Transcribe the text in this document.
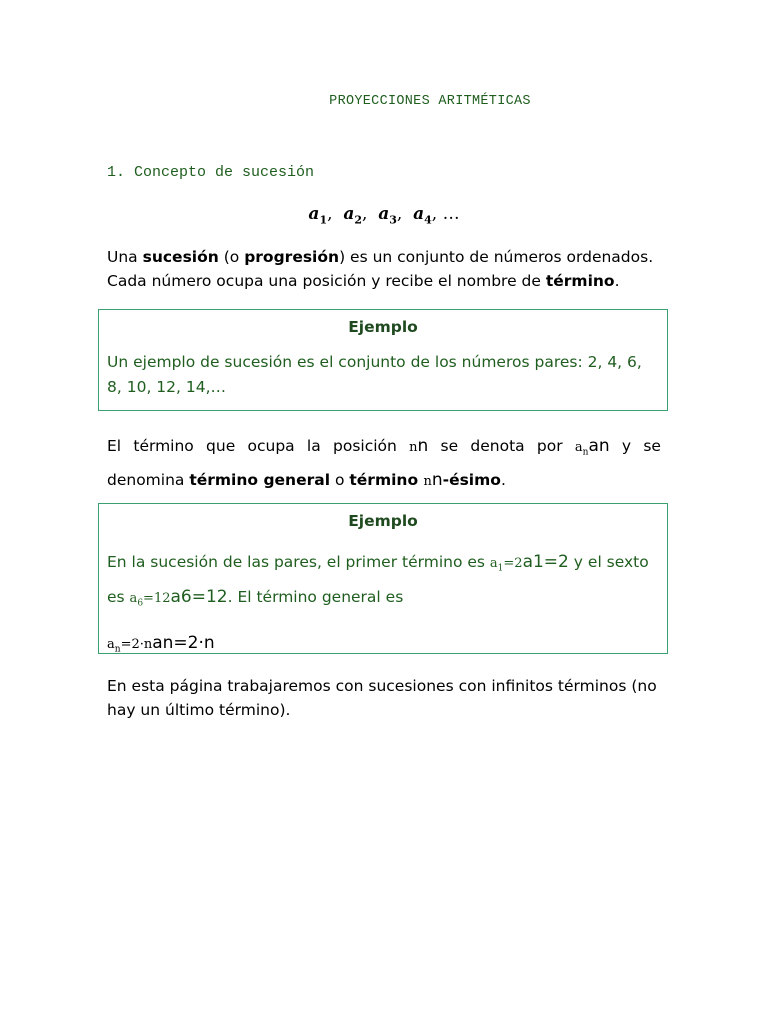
PROYECCIONES ARITMÉTICAS
1. Concepto de sucesión
$a_1$,  $a_2$,  $a_3$,  $a_4$, …
Una sucesión (o progresión) es un conjunto de números ordenados.
Cada número ocupa una posición y recibe el nombre de término.
Ejemplo
Un ejemplo de sucesión es el conjunto de los números pares: 2, 4, 6, 8, 10, 12, 14,…
El término que ocupa la posición nn se denota por $a_nan$ y se
denomina término general o término nn-ésimo.
Ejemplo
En la sucesión de las pares, el primer término es $a_1=2a1=2$ y el sexto
es $a_6=12a6=12$. El término general es
$a_n=2\cdot nan=2\cdot n$
En esta página trabajaremos con sucesiones con infinitos términos (no hay un último término).
